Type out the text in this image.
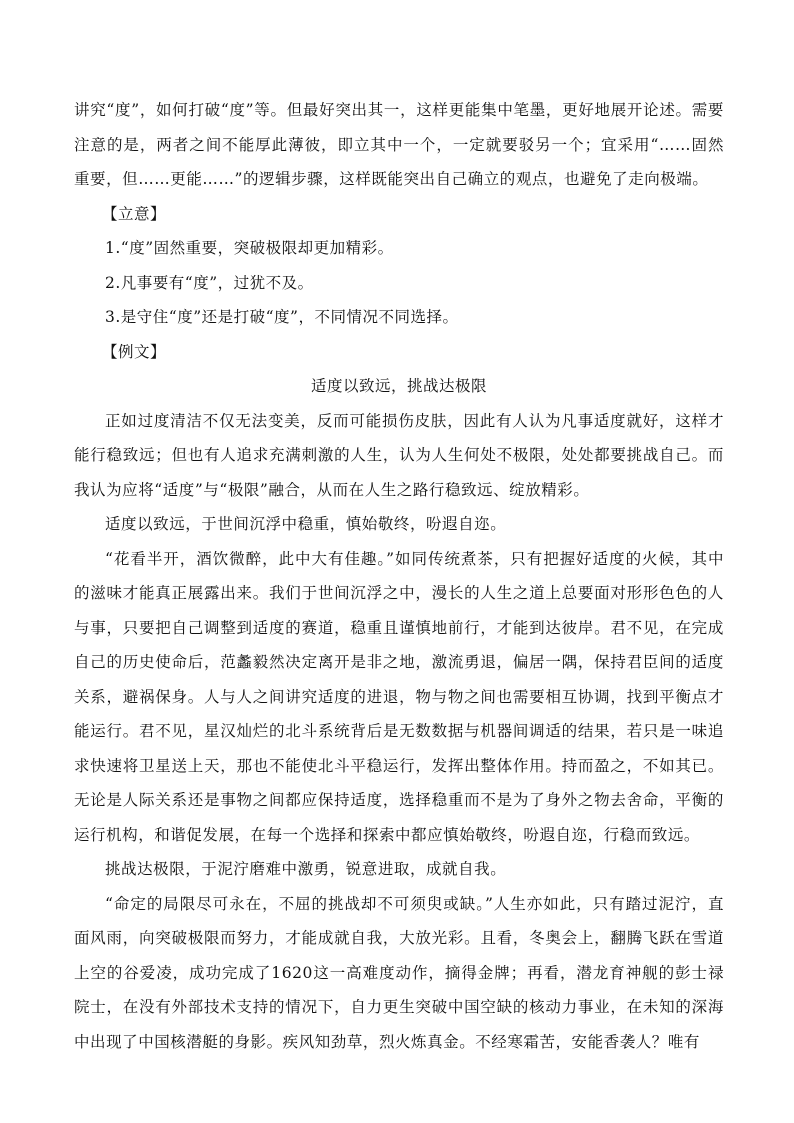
讲究“度”，如何打破“度”等。但最好突出其一，这样更能集中笔墨，更好地展开论述。需要注意的是，两者之间不能厚此薄彼，即立其中一个，一定就要驳另一个；宜采用“……固然重要，但……更能……”的逻辑步骤，这样既能突出自己确立的观点，也避免了走向极端。

【立意】

1.“度”固然重要，突破极限却更加精彩。

2.凡事要有“度”，过犹不及。

3.是守住“度”还是打破“度”，不同情况不同选择。

【例文】

适度以致远，挑战达极限

正如过度清洁不仅无法变美，反而可能损伤皮肤，因此有人认为凡事适度就好，这样才能行稳致远；但也有人追求充满刺激的人生，认为人生何处不极限，处处都要挑战自己。而我认为应将“适度”与“极限”融合，从而在人生之路行稳致远、绽放精彩。

适度以致远，于世间沉浮中稳重，慎始敬终，吩遐自迩。

“花看半开，酒饮微醉，此中大有佳趣。”如同传统煮茶，只有把握好适度的火候，其中的滋味才能真正展露出来。我们于世间沉浮之中，漫长的人生之道上总要面对形形色色的人与事，只要把自己调整到适度的赛道，稳重且谨慎地前行，才能到达彼岸。君不见，在完成自己的历史使命后，范蠡毅然决定离开是非之地，激流勇退，偏居一隅，保持君臣间的适度关系，避祸保身。人与人之间讲究适度的进退，物与物之间也需要相互协调，找到平衡点才能运行。君不见，星汉灿烂的北斗系统背后是无数数据与机器间调适的结果，若只是一味追求快速将卫星送上天，那也不能使北斗平稳运行，发挥出整体作用。持而盈之，不如其已。无论是人际关系还是事物之间都应保持适度，选择稳重而不是为了身外之物去舍命，平衡的运行机构，和谐促发展，在每一个选择和探索中都应慎始敬终，吩遐自迩，行稳而致远。

挑战达极限，于泥泞磨难中激勇，锐意进取，成就自我。

“命定的局限尽可永在，不屈的挑战却不可须臾或缺。”人生亦如此，只有踏过泥泞，直面风雨，向突破极限而努力，才能成就自我，大放光彩。且看，冬奥会上，翻腾飞跃在雪道上空的谷爱凌，成功完成了1620这一高难度动作，摘得金牌；再看，潜龙育神舰的彭士禄院士，在没有外部技术支持的情况下，自力更生突破中国空缺的核动力事业，在未知的深海中出现了中国核潜艇的身影。疾风知劲草，烈火炼真金。不经寒霜苦，安能香袭人？唯有
